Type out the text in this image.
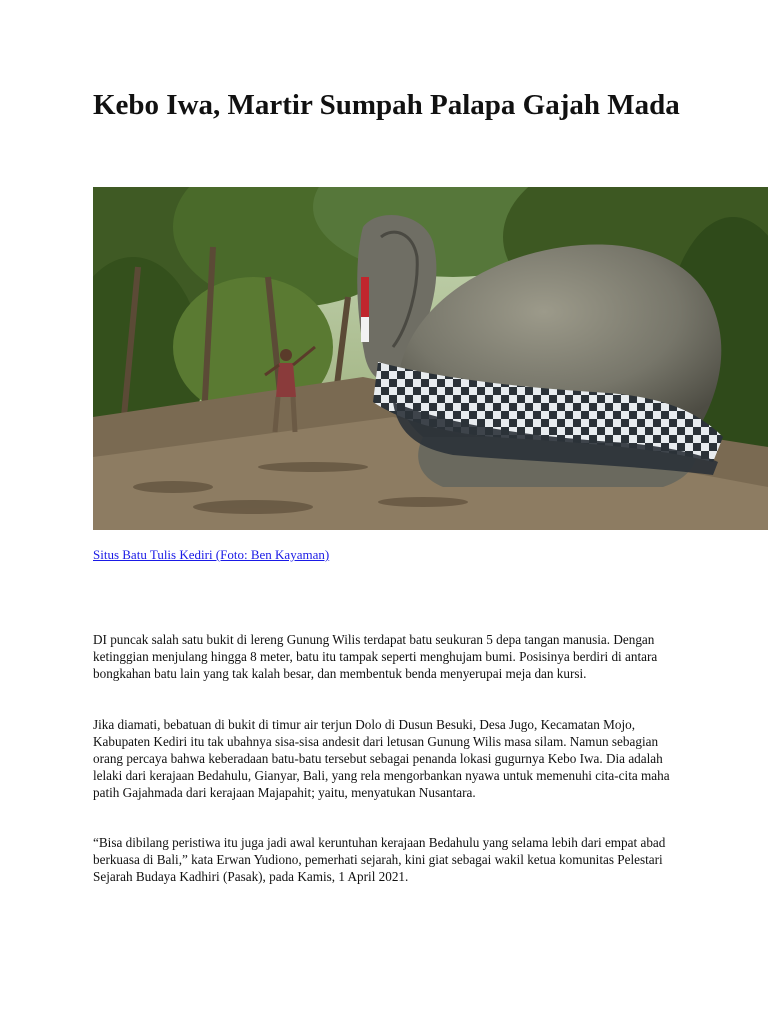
Kebo Iwa, Martir Sumpah Palapa Gajah Mada
Situs Batu Tulis Kediri (Foto: Ben Kayaman)

DI puncak salah satu bukit di lereng Gunung Wilis terdapat batu seukuran 5 depa tangan manusia. Dengan ketinggian menjulang hingga 8 meter, batu itu tampak seperti menghujam bumi. Posisinya berdiri di antara bongkahan batu lain yang tak kalah besar, dan membentuk benda menyerupai meja dan kursi.

Jika diamati, bebatuan di bukit di timur air terjun Dolo di Dusun Besuki, Desa Jugo, Kecamatan Mojo, Kabupaten Kediri itu tak ubahnya sisa-sisa andesit dari letusan Gunung Wilis masa silam. Namun sebagian orang percaya bahwa keberadaan batu-batu tersebut sebagai penanda lokasi gugurnya Kebo Iwa. Dia adalah lelaki dari kerajaan Bedahulu, Gianyar, Bali, yang rela mengorbankan nyawa untuk memenuhi cita-cita maha patih Gajahmada dari kerajaan Majapahit; yaitu, menyatukan Nusantara.

“Bisa dibilang peristiwa itu juga jadi awal keruntuhan kerajaan Bedahulu yang selama lebih dari empat abad berkuasa di Bali,” kata Erwan Yudiono, pemerhati sejarah, kini giat sebagai wakil ketua komunitas Pelestari Sejarah Budaya Kadhiri (Pasak), pada Kamis, 1 April 2021.
